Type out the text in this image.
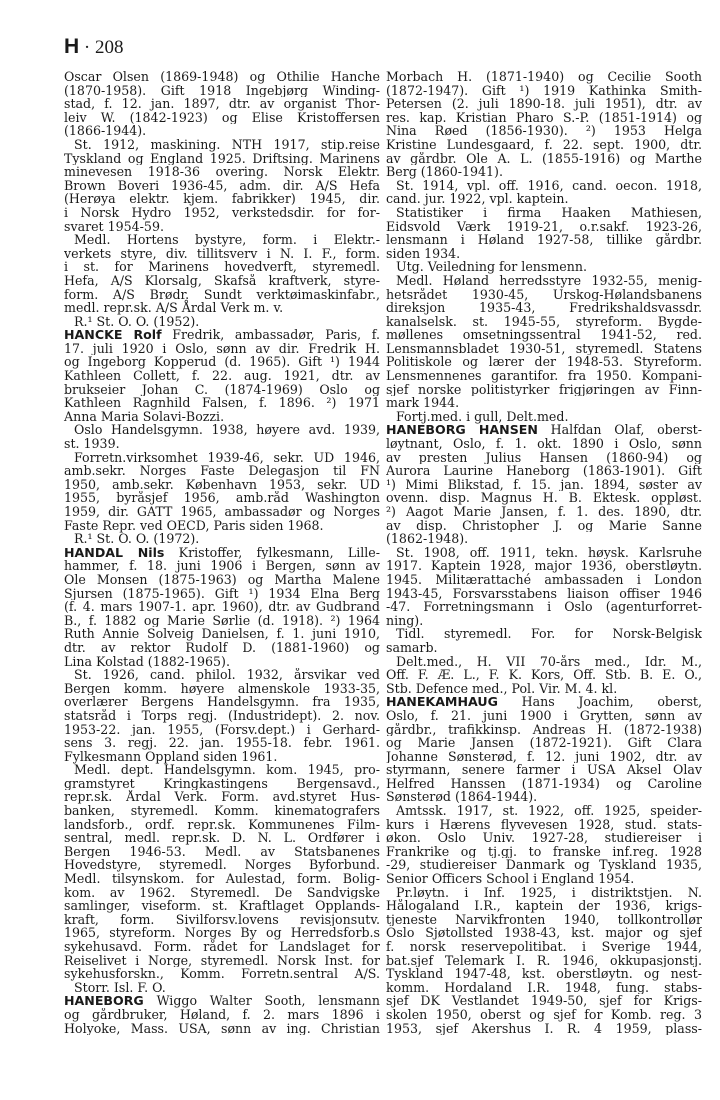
H · 208
Oscar Olsen (1869-1948) og Othilie Hanche
(1870-1958). Gift 1918 Ingebjørg Winding-
stad, f. 12. jan. 1897, dtr. av organist Thor-
leiv W. (1842-1923) og Elise Kristoffersen
(1866-1944).
St. 1912, maskining. NTH 1917, stip.reise
Tyskland og England 1925. Driftsing. Marinens
minevesen 1918-36 overing. Norsk Elektr.
Brown Boveri 1936-45, adm. dir. A/S Hefa
(Herøya elektr. kjem. fabrikker) 1945, dir.
i Norsk Hydro 1952, verkstedsdir. for for-
svaret 1954-59.
Medl. Hortens bystyre, form. i Elektr.-
verkets styre, div. tillitsverv i N. I. F., form.
i st. for Marinens hovedverft, styremedl.
Hefa, A/S Klorsalg, Skafså kraftverk, styre-
form. A/S Brødr. Sundt verktøimaskinfabr.,
medl. repr.sk. A/S Årdal Verk m. v.
R.¹ St. O. O. (1952).
HANCKE Rolf Fredrik, ambassadør, Paris, f.
17. juli 1920 i Oslo, sønn av dir. Fredrik H.
og Ingeborg Kopperud (d. 1965). Gift ¹) 1944
Kathleen Collett, f. 22. aug. 1921, dtr. av
brukseier Johan C. (1874-1969) Oslo og
Kathleen Ragnhild Falsen, f. 1896. ²) 1971
Anna Maria Solavi-Bozzi.
Oslo Handelsgymn. 1938, høyere avd. 1939,
st. 1939.
Forretn.virksomhet 1939-46, sekr. UD 1946,
amb.sekr. Norges Faste Delegasjon til FN
1950, amb.sekr. København 1953, sekr. UD
1955, byråsjef 1956, amb.råd Washington
1959, dir. GATT 1965, ambassadør og Norges
Faste Repr. ved OECD, Paris siden 1968.
R.¹ St. O. O. (1972).
HANDAL Nils Kristoffer, fylkesmann, Lille-
hammer, f. 18. juni 1906 i Bergen, sønn av
Ole Monsen (1875-1963) og Martha Malene
Sjursen (1875-1965). Gift ¹) 1934 Elna Berg
(f. 4. mars 1907-1. apr. 1960), dtr. av Gudbrand
B., f. 1882 og Marie Sørlie (d. 1918). ²) 1964
Ruth Annie Solveig Danielsen, f. 1. juni 1910,
dtr. av rektor Rudolf D. (1881-1960) og
Lina Kolstad (1882-1965).
St. 1926, cand. philol. 1932, årsvikar ved
Bergen komm. høyere almenskole 1933-35,
overlærer Bergens Handelsgymn. fra 1935,
statsråd i Torps regj. (Industridept). 2. nov.
1953-22. jan. 1955, (Forsv.dept.) i Gerhard-
sens 3. regj. 22. jan. 1955-18. febr. 1961.
Fylkesmann Oppland siden 1961.
Medl. dept. Handelsgymn. kom. 1945, pro-
gramstyret Kringkastingens Bergensavd.,
repr.sk. Årdal Verk. Form. avd.styret Hus-
banken, styremedl. Komm. kinematografers
landsforb., ordf. repr.sk. Kommunenes Film-
sentral, medl. repr.sk. D. N. L. Ordfører i
Bergen 1946-53. Medl. av Statsbanenes
Hovedstyre, styremedl. Norges Byforbund.
Medl. tilsynskom. for Aulestad, form. Bolig-
kom. av 1962. Styremedl. De Sandvigske
samlinger, viseform. st. Kraftlaget Opplands-
kraft, form. Sivilforsv.lovens revisjonsutv.
1965, styreform. Norges By og Herredsforb.s
sykehusavd. Form. rådet for Landslaget for
Reiselivet i Norge, styremedl. Norsk Inst. for
sykehusforskn., Komm. Forretn.sentral A/S.
Storr. Isl. F. O.
HANEBORG Wiggo Walter Sooth, lensmann
og gårdbruker, Høland, f. 2. mars 1896 i
Holyoke, Mass. USA, sønn av ing. Christian
Morbach H. (1871-1940) og Cecilie Sooth
(1872-1947). Gift ¹) 1919 Kathinka Smith-
Petersen (2. juli 1890-18. juli 1951), dtr. av
res. kap. Kristian Pharo S.-P. (1851-1914) og
Nina Røed (1856-1930). ²) 1953 Helga
Kristine Lundesgaard, f. 22. sept. 1900, dtr.
av gårdbr. Ole A. L. (1855-1916) og Marthe
Berg (1860-1941).
St. 1914, vpl. off. 1916, cand. oecon. 1918,
cand. jur. 1922, vpl. kaptein.
Statistiker i firma Haaken Mathiesen,
Eidsvold Værk 1919-21, o.r.sakf. 1923-26,
lensmann i Høland 1927-58, tillike gårdbr.
siden 1934.
Utg. Veiledning for lensmenn.
Medl. Høland herredsstyre 1932-55, menig-
hetsrådet 1930-45, Urskog-Hølandsbanens
direksjon 1935-43, Fredrikshaldsvassdr.
kanalselsk. st. 1945-55, styreform. Bygde-
møllenes omsetningssentral 1941-52, red.
Lensmannsbladet 1930-51, styremedl. Statens
Politiskole og lærer der 1948-53. Styreform.
Lensmennenes garantifor. fra 1950. Kompani-
sjef norske politistyrker frigjøringen av Finn-
mark 1944.
Fortj.med. i gull, Delt.med.
HANEBORG HANSEN Halfdan Olaf, oberst-
løytnant, Oslo, f. 1. okt. 1890 i Oslo, sønn
av presten Julius Hansen (1860-94) og
Aurora Laurine Haneborg (1863-1901). Gift
¹) Mimi Blikstad, f. 15. jan. 1894, søster av
ovenn. disp. Magnus H. B. Ektesk. oppløst.
²) Aagot Marie Jansen, f. 1. des. 1890, dtr.
av disp. Christopher J. og Marie Sanne
(1862-1948).
St. 1908, off. 1911, tekn. høysk. Karlsruhe
1917. Kaptein 1928, major 1936, oberstløytn.
1945. Militærattaché ambassaden i London
1943-45, Forsvarsstabens liaison offiser 1946
-47. Forretningsmann i Oslo (agenturforret-
ning).
Tidl. styremedl. For. for Norsk-Belgisk
samarb.
Delt.med., H. VII 70-års med., Idr. M.,
Off. F. Æ. L., F. K. Kors, Off. Stb. B. E. O.,
Stb. Defence med., Pol. Vir. M. 4. kl.
HANEKAMHAUG Hans Joachim, oberst,
Oslo, f. 21. juni 1900 i Grytten, sønn av
gårdbr., trafikkinsp. Andreas H. (1872-1938)
og Marie Jansen (1872-1921). Gift Clara
Johanne Sønsterød, f. 12. juni 1902, dtr. av
styrmann, senere farmer i USA Aksel Olav
Helfred Hanssen (1871-1934) og Caroline
Sønsterød (1864-1944).
Amtssk. 1917, st. 1922, off. 1925, speider-
kurs i Hærens flyvevesen 1928, stud. stats-
økon. Oslo Univ. 1927-28, studiereiser i
Frankrike og tj.gj. to franske inf.reg. 1928
-29, studiereiser Danmark og Tyskland 1935,
Senior Officers School i England 1954.
Pr.løytn. i Inf. 1925, i distriktstjen. N.
Hålogaland I.R., kaptein der 1936, krigs-
tjeneste Narvikfronten 1940, tollkontrollør
Oslo Sjøtollsted 1938-43, kst. major og sjef
f. norsk reservepolitibat. i Sverige 1944,
bat.sjef Telemark I. R. 1946, okkupasjonstj.
Tyskland 1947-48, kst. oberstløytn. og nest-
komm. Hordaland I.R. 1948, fung. stabs-
sjef DK Vestlandet 1949-50, sjef for Krigs-
skolen 1950, oberst og sjef for Komb. reg. 3
1953, sjef Akershus I. R. 4 1959, plass-
